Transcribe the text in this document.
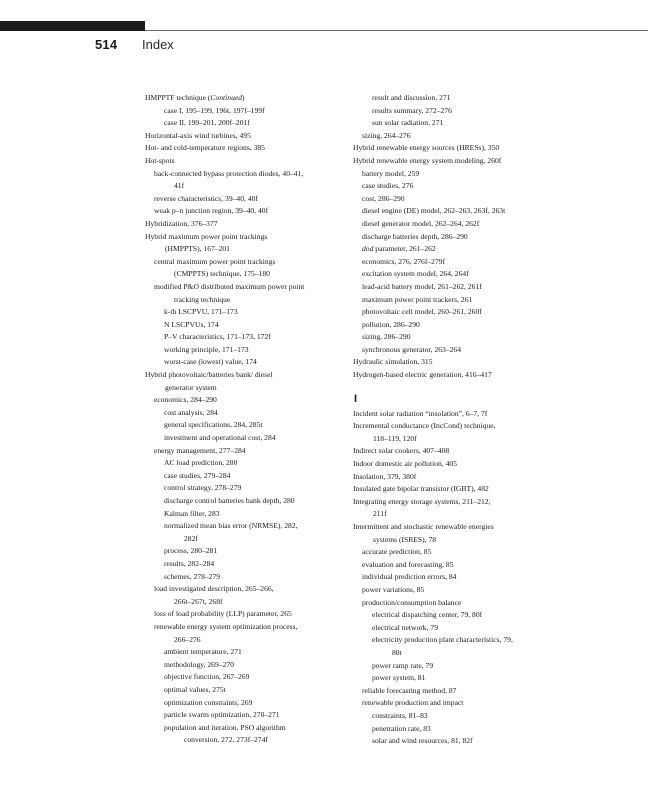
514 Index
HMPPTF technique (Continued)
case I, 195–199, 196t, 197f–199f
case II, 199–201, 200f–201f
Horizontal-axis wind turbines, 495
Hot- and cold-temperature regions, 385
Hot-spots
back-connected bypass protection diodes, 40–41,
41f
reverse characteristics, 39–40, 40f
weak p–n junction region, 39–40, 40f
Hybridization, 376–377
Hybrid maximum power point trackings
(HMPPTS), 167–201
central maximum power point trackings
(CMPPTS) technique, 175–180
modified P&O distributed maximum power point
tracking technique
k-th LSCPVU, 171–173
N LSCPVUs, 174
P–V characteristics, 171–173, 172f
working principle, 171–173
worst-case (lowest) value, 174
Hybrid photovoltaic/batteries bank/ diesel
generator system
economics, 284–290
cost analysis, 284
general specifications, 284, 285t
investment and operational cost, 284
energy management, 277–284
AC load prediction, 280
case studies, 279–284
control strategy, 278–279
discharge control batteries bank depth, 280
Kalman filter, 283
normalized mean bias error (NRMSE), 282,
282f
process, 280–281
results, 282–284
schemes, 278–279
load investigated description, 265–266,
266t–267t, 268f
loss of load probability (LLP) parameter, 265
renewable energy system optimization process,
266–276
ambient temperature, 271
methodology, 269–270
objective function, 267–269
optimal values, 275t
optimization constraints, 269
particle swarm optimization, 270–271
population and iteration, PSO algorithm
conversion, 272, 273f–274f
result and discussion, 271
results summary, 272–276
sun solar radiation, 271
sizing, 264–276
Hybrid renewable energy sources (HRESs), 350
Hybrid renewable energy system modeling, 260f
battery model, 259
case studies, 276
cost, 286–290
diesel engine (DE) model, 262–263, 263f, 263t
diesel generator model, 262–264, 262f
discharge batteries depth, 286–290
dod parameter, 261–262
economics, 276, 276f–279f
excitation system model, 264, 264f
lead-acid battery model, 261–262, 261f
maximum power point trackers, 261
photovoltaic cell model, 260–261, 260f
pollution, 286–290
sizing, 286–290
synchronous generator, 263–264
Hydraulic simulation, 315
Hydrogen-based electric generation, 416–417
I
Incident solar radiation “insolation”, 6–7, 7f
Incremental conductance (IncCond) technique,
118–119, 120f
Indirect solar cookers, 407–408
Indoor domestic air pollution, 405
Insolation, 379, 380f
Insulated gate bipolar transistor (IGBT), 482
Integrating energy storage systems, 211–212,
211f
Intermittent and stochastic renewable energies
systems (ISRES), 78
accurate prediction, 85
evaluation and forecasting, 85
individual prediction errors, 84
power variations, 85
production/consumption balance
electrical dispatching center, 79, 80f
electrical network, 79
electricity production plant characteristics, 79,
80t
power ramp rate, 79
power system, 81
reliable forecasting method, 87
renewable production and impact
constraints, 81–83
penetration rate, 83
solar and wind resources, 81, 82f
